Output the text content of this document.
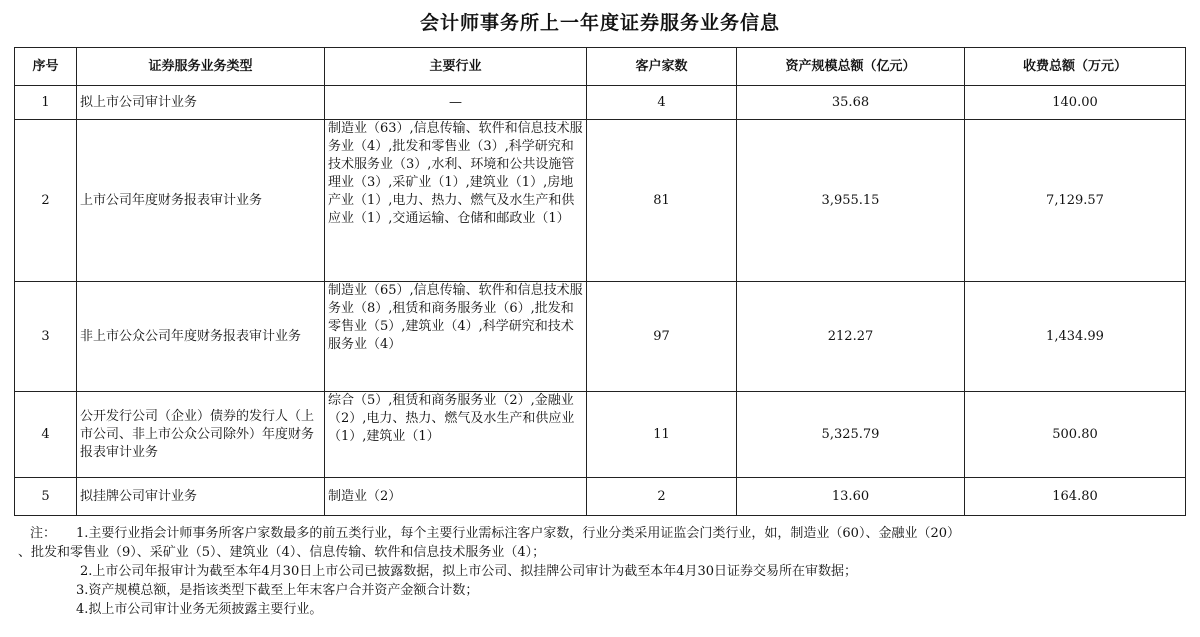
会计师事务所上一年度证券服务业务信息
序号	证券服务业务类型	主要行业	客户家数	资产规模总额（亿元）	收费总额（万元）
1	拟上市公司审计业务	—	4	35.68	140.00
2	上市公司年度财务报表审计业务	制造业（63）,信息传输、软件和信息技术服务业（4）,批发和零售业（3）,科学研究和技术服务业（3）,水利、环境和公共设施管理业（3）,采矿业（1）,建筑业（1）,房地产业（1）,电力、热力、燃气及水生产和供应业（1）,交通运输、仓储和邮政业（1）	81	3,955.15	7,129.57
3	非上市公众公司年度财务报表审计业务	制造业（65）,信息传输、软件和信息技术服务业（8）,租赁和商务服务业（6）,批发和零售业（5）,建筑业（4）,科学研究和技术服务业（4）	97	212.27	1,434.99
4	公开发行公司（企业）债券的发行人（上市公司、非上市公众公司除外）年度财务报表审计业务	综合（5）,租赁和商务服务业（2）,金融业（2）,电力、热力、燃气及水生产和供应业（1）,建筑业（1）	11	5,325.79	500.80
5	拟挂牌公司审计业务	制造业（2）	2	13.60	164.80
注：	1.主要行业指会计师事务所客户家数最多的前五类行业，每个主要行业需标注客户家数，行业分类采用证监会门类行业，如，制造业（60）、金融业（20）
、批发和零售业（9）、采矿业（5）、建筑业（4）、信息传输、软件和信息技术服务业（4）；
2.上市公司年报审计为截至本年4月30日上市公司已披露数据，拟上市公司、拟挂牌公司审计为截至本年4月30日证券交易所在审数据；
3.资产规模总额，是指该类型下截至上年末客户合并资产金额合计数；
4.拟上市公司审计业务无须披露主要行业。
